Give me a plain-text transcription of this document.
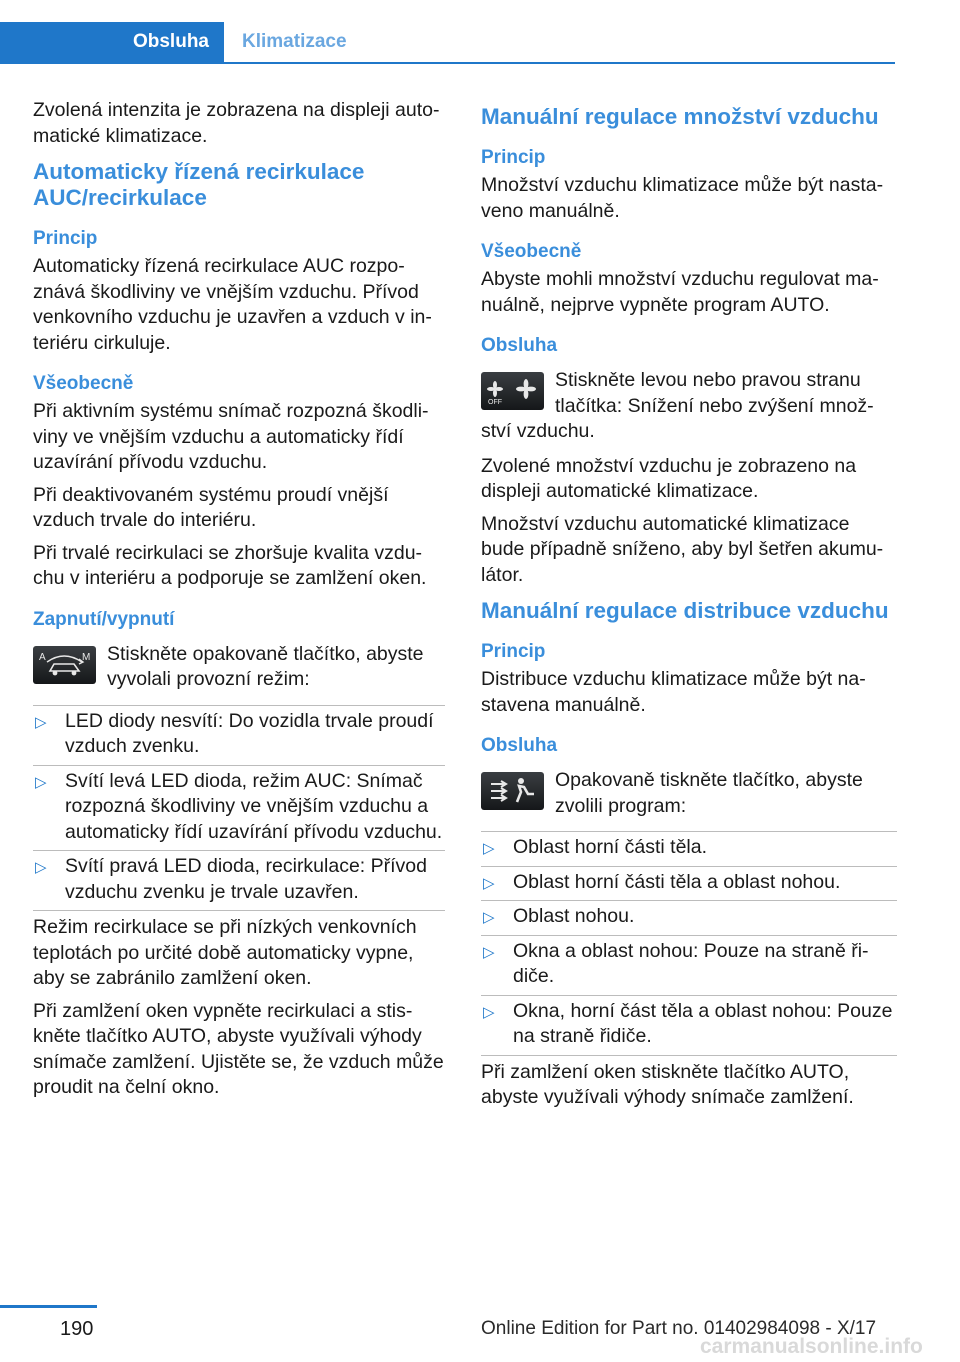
Obsluha	Klimatizace

Zvolená intenzita je zobrazena na displeji auto-matické klimatizace.

Automaticky řízená recirkulace AUC/recirkulace
Princip

Automaticky řízená recirkulace AUC rozpo-znává škodliviny ve vnějším vzduchu. Přívod venkovního vzduchu je uzavřen a vzduch v in-teriéru cirkuluje.

Všeobecně

Při aktivním systému snímač rozpozná škodli-viny ve vnějším vzduchu a automaticky řídí uzavírání přívodu vzduchu.

Při deaktivovaném systému proudí vnější vzduch trvale do interiéru.

Při trvalé recirkulaci se zhoršuje kvalita vzdu-chu v interiéru a podporuje se zamlžení oken.

Zapnutí/vypnutí
A	M Stiskněte opakovaně tlačítko, abyste vyvolali provozní režim:

▷ LED diody nesvítí: Do vozidla trvale proudí vzduch zvenku.
▷ Svítí levá LED dioda, režim AUC: Snímač rozpozná škodliviny ve vnějším vzduchu a automaticky řídí uzavírání přívodu vzduchu.
▷ Svítí pravá LED dioda, recirkulace: Přívod vzduchu zvenku je trvale uzavřen.

Režim recirkulace se při nízkých venkovních teplotách po určité době automaticky vypne, aby se zabránilo zamlžení oken.

Při zamlžení oken vypněte recirkulaci a stis-kněte tlačítko AUTO, abyste využívali výhody snímače zamlžení. Ujistěte se, že vzduch může proudit na čelní okno.

Manuální regulace množství vzduchu
Princip

Množství vzduchu klimatizace může být nasta-veno manuálně.

Všeobecně

Abyste mohli množství vzduchu regulovat ma-nuálně, nejprve vypněte program AUTO.

Obsluha
OFF

Stiskněte levou nebo pravou stranu tlačítka: Snížení nebo zvýšení množ-ství vzduchu.

Zvolené množství vzduchu je zobrazeno na displeji automatické klimatizace.

Množství vzduchu automatické klimatizace bude případně sníženo, aby byl šetřen akumu-látor.

Manuální regulace distribuce vzduchu
Princip

Distribuce vzduchu klimatizace může být na-stavena manuálně.

Obsluha

Opakovaně tiskněte tlačítko, abyste zvolili program:

▷ Oblast horní části těla.
▷ Oblast horní části těla a oblast nohou.
▷ Oblast nohou.
▷ Okna a oblast nohou: Pouze na straně ři-diče.
▷ Okna, horní část těla a oblast nohou: Pouze na straně řidiče.

Při zamlžení oken stiskněte tlačítko AUTO, abyste využívali výhody snímače zamlžení.

190	Online Edition for Part no. 01402984098 - X/17
carmanualsonline.info
